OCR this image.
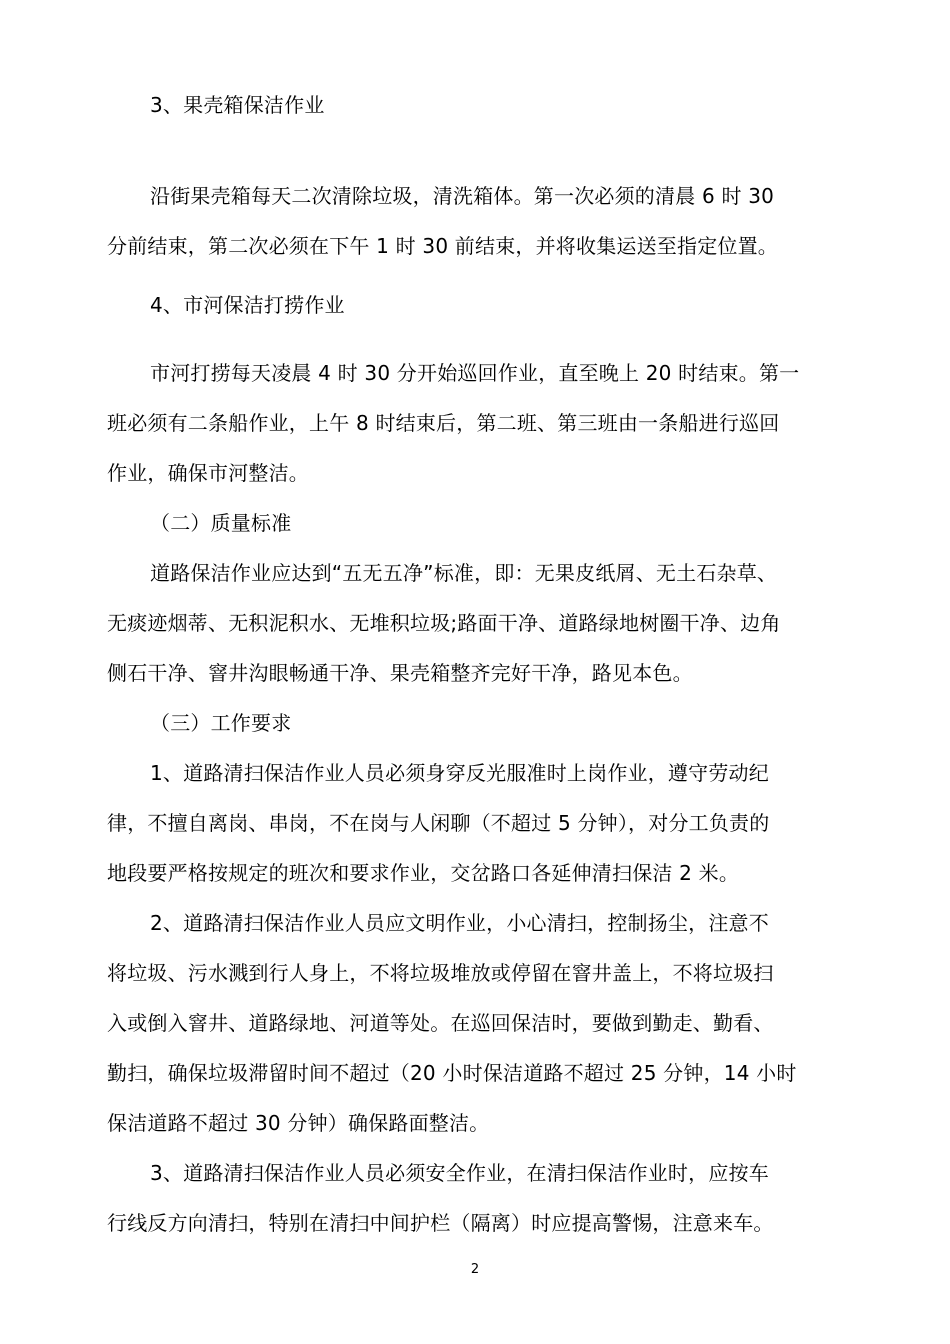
3、果壳箱保洁作业
沿街果壳箱每天二次清除垃圾，清洗箱体。第一次必须的清晨 6 时 30
分前结束，第二次必须在下午 1 时 30 前结束，并将收集运送至指定位置。
4、市河保洁打捞作业
市河打捞每天凌晨 4 时 30 分开始巡回作业，直至晚上 20 时结束。第一
班必须有二条船作业，上午 8 时结束后，第二班、第三班由一条船进行巡回
作业，确保市河整洁。
（二）质量标准
道路保洁作业应达到“五无五净”标准，即：无果皮纸屑、无土石杂草、
无痰迹烟蒂、无积泥积水、无堆积垃圾;路面干净、道路绿地树圈干净、边角
侧石干净、窨井沟眼畅通干净、果壳箱整齐完好干净，路见本色。
（三）工作要求
1、道路清扫保洁作业人员必须身穿反光服准时上岗作业，遵守劳动纪
律，不擅自离岗、串岗，不在岗与人闲聊（不超过 5 分钟），对分工负责的
地段要严格按规定的班次和要求作业，交岔路口各延伸清扫保洁 2 米。
2、道路清扫保洁作业人员应文明作业，小心清扫，控制扬尘，注意不
将垃圾、污水溅到行人身上，不将垃圾堆放或停留在窨井盖上，不将垃圾扫
入或倒入窨井、道路绿地、河道等处。在巡回保洁时，要做到勤走、勤看、
勤扫，确保垃圾滞留时间不超过（20 小时保洁道路不超过 25 分钟，14 小时
保洁道路不超过 30 分钟）确保路面整洁。
3、道路清扫保洁作业人员必须安全作业，在清扫保洁作业时，应按车
行线反方向清扫，特别在清扫中间护栏（隔离）时应提高警惕，注意来车。
2
